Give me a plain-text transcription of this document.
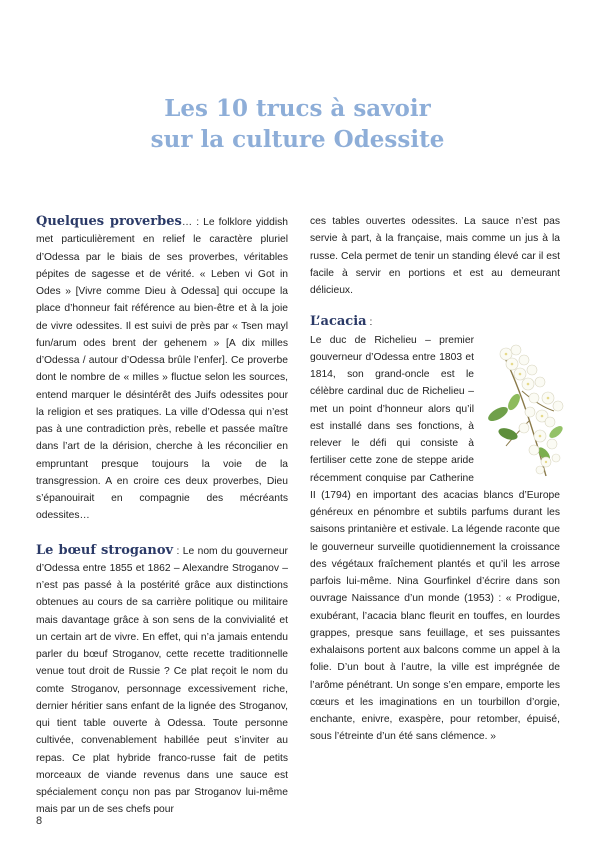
Les 10 trucs à savoir
sur la culture Odessite

Quelques proverbes… : Le folklore yiddish met particulièrement en relief le caractère pluriel d’Odessa par le biais de ses proverbes, véritables pépites de sagesse et de vérité. « Leben vi Got in Odes » [Vivre comme Dieu à Odessa] qui occupe la place d’honneur fait référence au bien-être et à la joie de vivre odessites. Il est suivi de près par « Tsen mayl fun/arum odes brent der gehenem » [A dix milles d’Odessa / autour d’Odessa brûle l’enfer]. Ce proverbe dont le nombre de « milles » fluctue selon les sources, entend marquer le désintérêt des Juifs odessites pour la religion et ses pratiques. La ville d’Odessa qui n’est pas à une contradiction près, rebelle et passée maître dans l’art de la dérision, cherche à les réconcilier en empruntant presque toujours la voie de la transgression. A en croire ces deux proverbes, Dieu s’épanouirait en compagnie des mécréants odessites…

Le bœuf stroganov : Le nom du gouverneur d’Odessa entre 1855 et 1862 – Alexandre Stroganov – n’est pas passé à la postérité grâce aux distinctions obtenues au cours de sa carrière politique ou militaire mais davantage grâce à son sens de la convivialité et un certain art de vivre. En effet, qui n’a jamais entendu parler du bœuf Stroganov, cette recette traditionnelle venue tout droit de Russie ? Ce plat reçoit le nom du comte Stroganov, personnage excessivement riche, dernier héritier sans enfant de la lignée des Stroganov, qui tient table ouverte à Odessa. Toute personne cultivée, convenablement habillée peut s’inviter au repas. Ce plat hybride franco-russe fait de petits morceaux de viande revenus dans une sauce est spécialement conçu non pas par Stroganov lui-même mais par un de ses chefs pour

ces tables ouvertes odessites. La sauce n’est pas servie à part, à la française, mais comme un jus à la russe. Cela permet de tenir un standing élevé car il est facile à servir en portions et est au demeurant délicieux.

L’acacia :

Le duc de Richelieu – premier gouverneur d’Odessa entre 1803 et 1814, son grand-oncle est le célèbre cardinal duc de Richelieu – met un point d’honneur alors qu’il est installé dans ses fonctions, à relever le défi qui consiste à fertiliser cette zone de steppe aride récemment conquise par Catherine II (1794) en important des acacias blancs d’Europe généreux en pénombre et subtils parfums durant les saisons printanière et estivale. La légende raconte que le gouverneur surveille quotidiennement la croissance des végétaux fraîchement plantés et qu’il les arrose parfois lui-même. Nina Gourfinkel d’écrire dans son ouvrage Naissance d’un monde (1953) : « Prodigue, exubérant, l’acacia blanc fleurit en touffes, en lourdes grappes, presque sans feuillage, et ses puissantes exhalaisons portent aux balcons comme un appel à la folie. D’un bout à l’autre, la ville est imprégnée de l’arôme pénétrant. Un songe s’en empare, emporte les cœurs et les imaginations en un tourbillon d’orgie, enchante, enivre, exaspère, pour retomber, épuisé, sous l’étreinte d’un été sans clémence. »

8
